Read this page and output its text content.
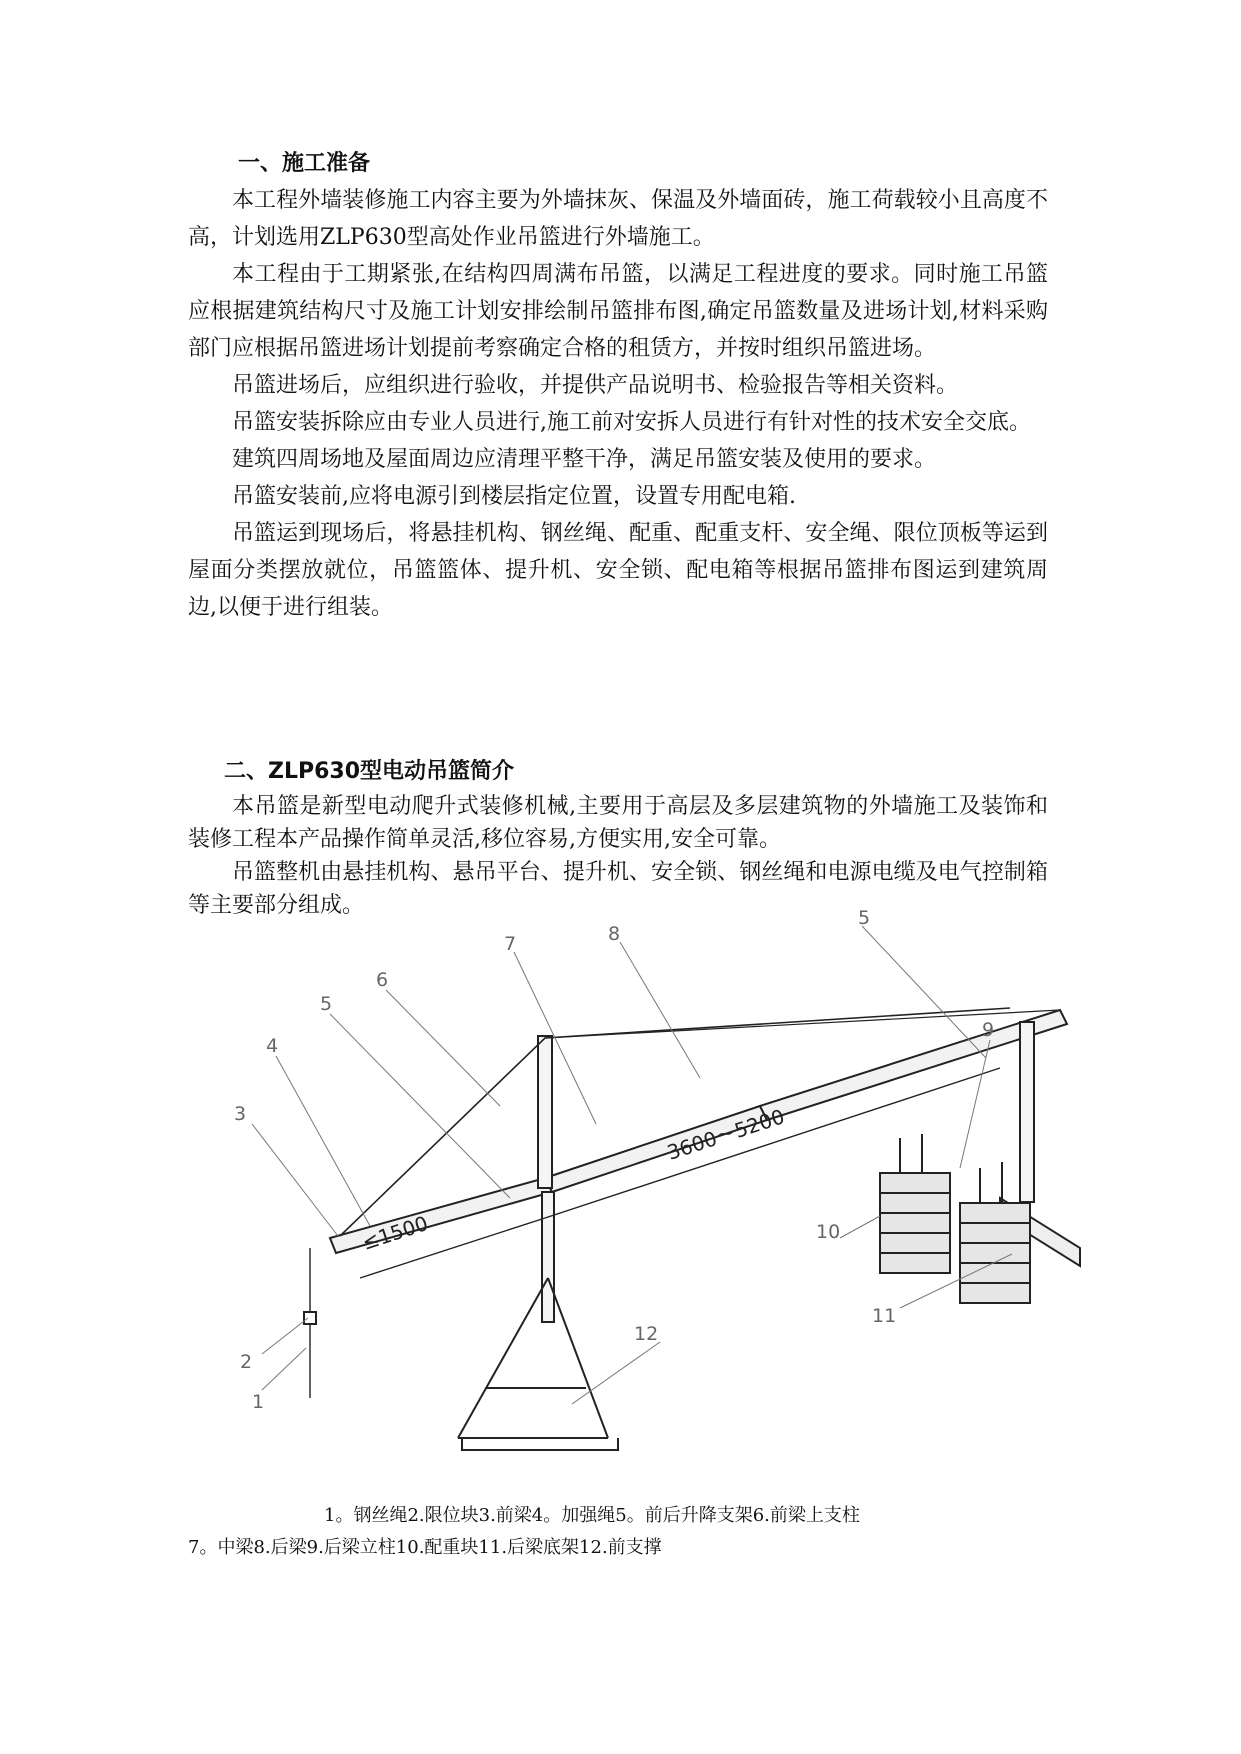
一、施工准备

本工程外墙装修施工内容主要为外墙抹灰、保温及外墙面砖，施工荷载较小且高度不高，计划选用ZLP630型高处作业吊篮进行外墙施工。

本工程由于工期紧张,在结构四周满布吊篮，以满足工程进度的要求。同时施工吊篮应根据建筑结构尺寸及施工计划安排绘制吊篮排布图,确定吊篮数量及进场计划,材料采购部门应根据吊篮进场计划提前考察确定合格的租赁方，并按时组织吊篮进场。

吊篮进场后，应组织进行验收，并提供产品说明书、检验报告等相关资料。

吊篮安装拆除应由专业人员进行,施工前对安拆人员进行有针对性的技术安全交底。

建筑四周场地及屋面周边应清理平整干净，满足吊篮安装及使用的要求。

吊篮安装前,应将电源引到楼层指定位置，设置专用配电箱.

吊篮运到现场后，将悬挂机构、钢丝绳、配重、配重支杆、安全绳、限位顶板等运到屋面分类摆放就位，吊篮篮体、提升机、安全锁、配电箱等根据吊篮排布图运到建筑周边,以便于进行组装。

二、ZLP630型电动吊篮简介

本吊篮是新型电动爬升式装修机械,主要用于高层及多层建筑物的外墙施工及装饰和装修工程本产品操作简单灵活,移位容易,方便实用,安全可靠。

吊篮整机由悬挂机构、悬吊平台、提升机、安全锁、钢丝绳和电源电缆及电气控制箱等主要部分组成。

3600～5200
≤1500
1
2
3
4
5
6
7	8
5
9
10
11
12
1。钢丝绳2.限位块3.前梁4。加强绳5。前后升降支架6.前梁上支柱
7。中梁8.后梁9.后梁立柱10.配重块11.后梁底架12.前支撑
